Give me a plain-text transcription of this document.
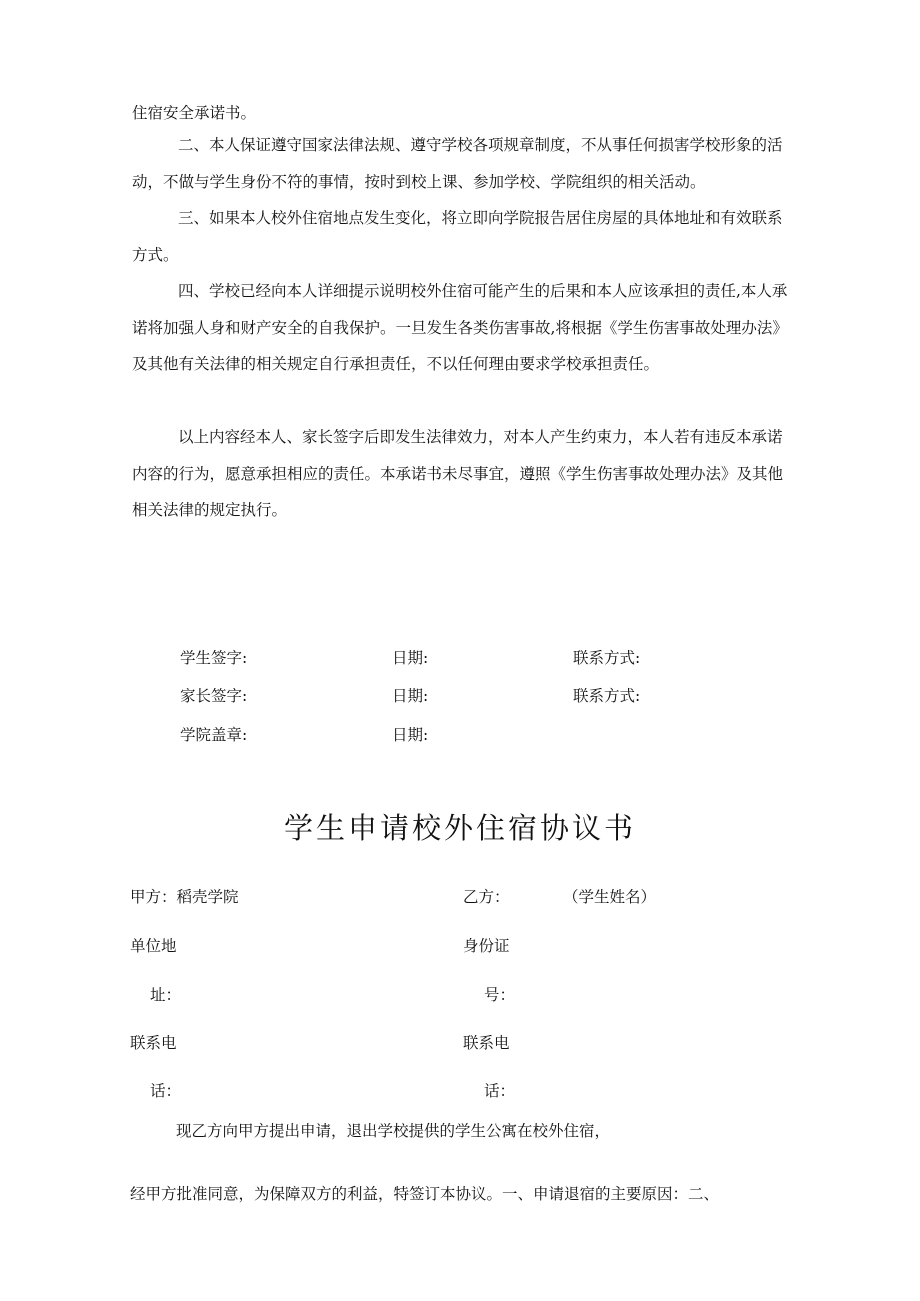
住宿安全承诺书。

二、本人保证遵守国家法律法规、遵守学校各项规章制度，不从事任何损害学校形象的活动，不做与学生身份不符的事情，按时到校上课、参加学校、学院组织的相关活动。

三、如果本人校外住宿地点发生变化，将立即向学院报告居住房屋的具体地址和有效联系方式。

四、学校已经向本人详细提示说明校外住宿可能产生的后果和本人应该承担的责任,本人承诺将加强人身和财产安全的自我保护。一旦发生各类伤害事故,将根据《学生伤害事故处理办法》及其他有关法律的相关规定自行承担责任，不以任何理由要求学校承担责任。

以上内容经本人、家长签字后即发生法律效力，对本人产生约束力，本人若有违反本承诺内容的行为，愿意承担相应的责任。本承诺书未尽事宜，遵照《学生伤害事故处理办法》及其他相关法律的规定执行。

学生签字:	日期:	联系方式:
家长签字:	日期:	联系方式:
学院盖章:	日期:
学生申请校外住宿协议书
甲方：稻壳学院	乙方：	（学生姓名）
单位地	身份证
址：	号：
联系电	联系电
话：	话：
现乙方向甲方提出申请，退出学校提供的学生公寓在校外住宿，
经甲方批准同意，为保障双方的利益，特签订本协议。一、申请退宿的主要原因：二、
